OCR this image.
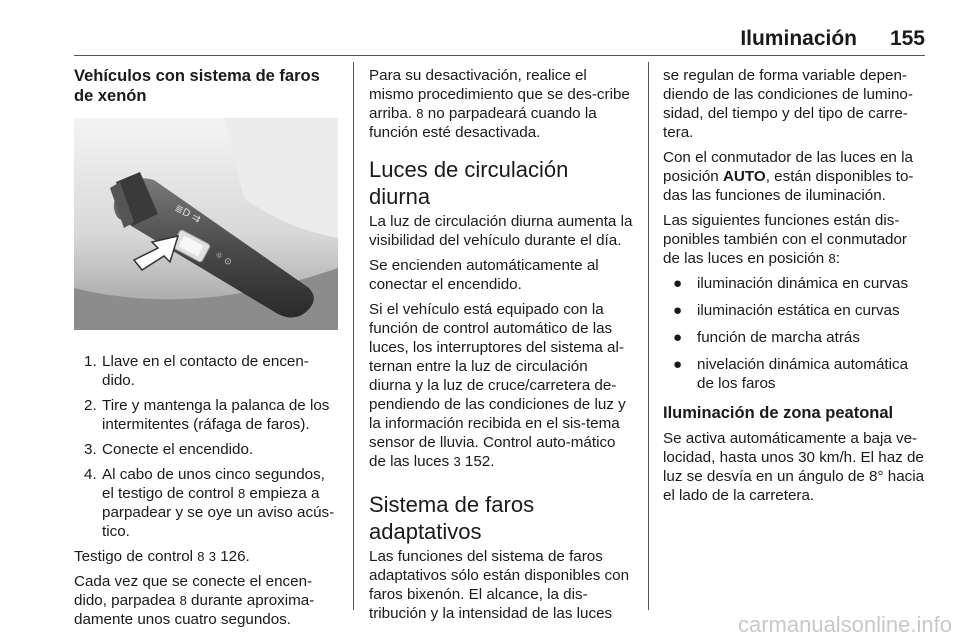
Iluminación 155
Vehículos con sistema de faros de xenón
≣D ⇉
☼ ⊙
1. Llave en el contacto de encen-dido.
2. Tire y mantenga la palanca de los intermitentes (ráfaga de faros).
3. Conecte el encendido.
4. Al cabo de unos cinco segundos, el testigo de control 8 empieza a parpadear y se oye un aviso acús-tico.

Testigo de control 8 3 126.

Cada vez que se conecte el encen-dido, parpadea 8 durante aproxima-damente unos cuatro segundos.

Para su desactivación, realice el mismo procedimiento que se des-cribe arriba. 8 no parpadeará cuando la función esté desactivada.

Luces de circulación diurna

La luz de circulación diurna aumenta la visibilidad del vehículo durante el día.

Se encienden automáticamente al conectar el encendido.

Si el vehículo está equipado con la función de control automático de las luces, los interruptores del sistema al-ternan entre la luz de circulación diurna y la luz de cruce/carretera de-pendiendo de las condiciones de luz y la información recibida en el sis-tema sensor de lluvia. Control auto-mático de las luces 3 152.

Sistema de faros
adaptativos

Las funciones del sistema de faros adaptativos sólo están disponibles con faros bixenón. El alcance, la dis-tribución y la intensidad de las luces

se regulan de forma variable depen-diendo de las condiciones de lumino-sidad, del tiempo y del tipo de carre-tera.

Con el conmutador de las luces en la posición AUTO, están disponibles to-das las funciones de iluminación.

Las siguientes funciones están dis-ponibles también con el conmutador de las luces en posición 8:

● iluminación dinámica en curvas
● iluminación estática en curvas
● función de marcha atrás
● nivelación dinámica automática de los faros
Iluminación de zona peatonal

Se activa automáticamente a baja ve-locidad, hasta unos 30 km/h. El haz de luz se desvía en un ángulo de 8° hacia el lado de la carretera.

carmanualsonline.info
